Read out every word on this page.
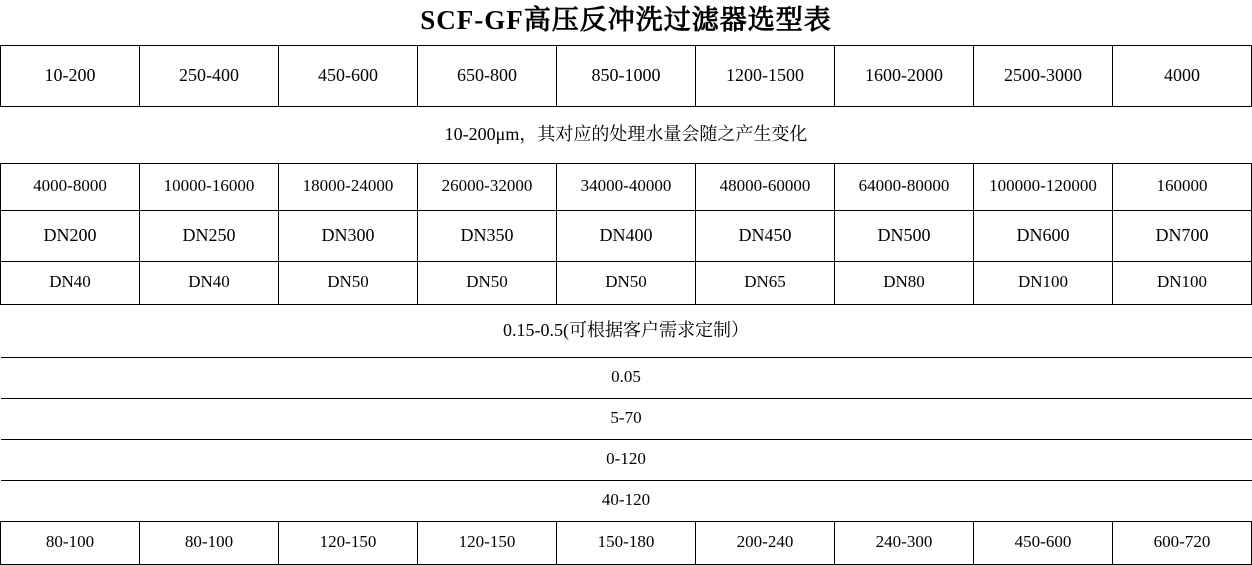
SCF-GF高压反冲洗过滤器选型表
10-200	250-400	450-600	650-800	850-1000	1200-1500	1600-2000	2500-3000	4000
10-200μm，其对应的处理水量会随之产生变化								
4000-8000	10000-16000	18000-24000	26000-32000	34000-40000	48000-60000	64000-80000	100000-120000	160000
DN200	DN250	DN300	DN350	DN400	DN450	DN500	DN600	DN700
DN40	DN40	DN50	DN50	DN50	DN65	DN80	DN100	DN100
0.15-0.5(可根据客户需求定制）								
0.05								
5-70								
0-120								
40-120								
80-100	80-100	120-150	120-150	150-180	200-240	240-300	450-600	600-720
